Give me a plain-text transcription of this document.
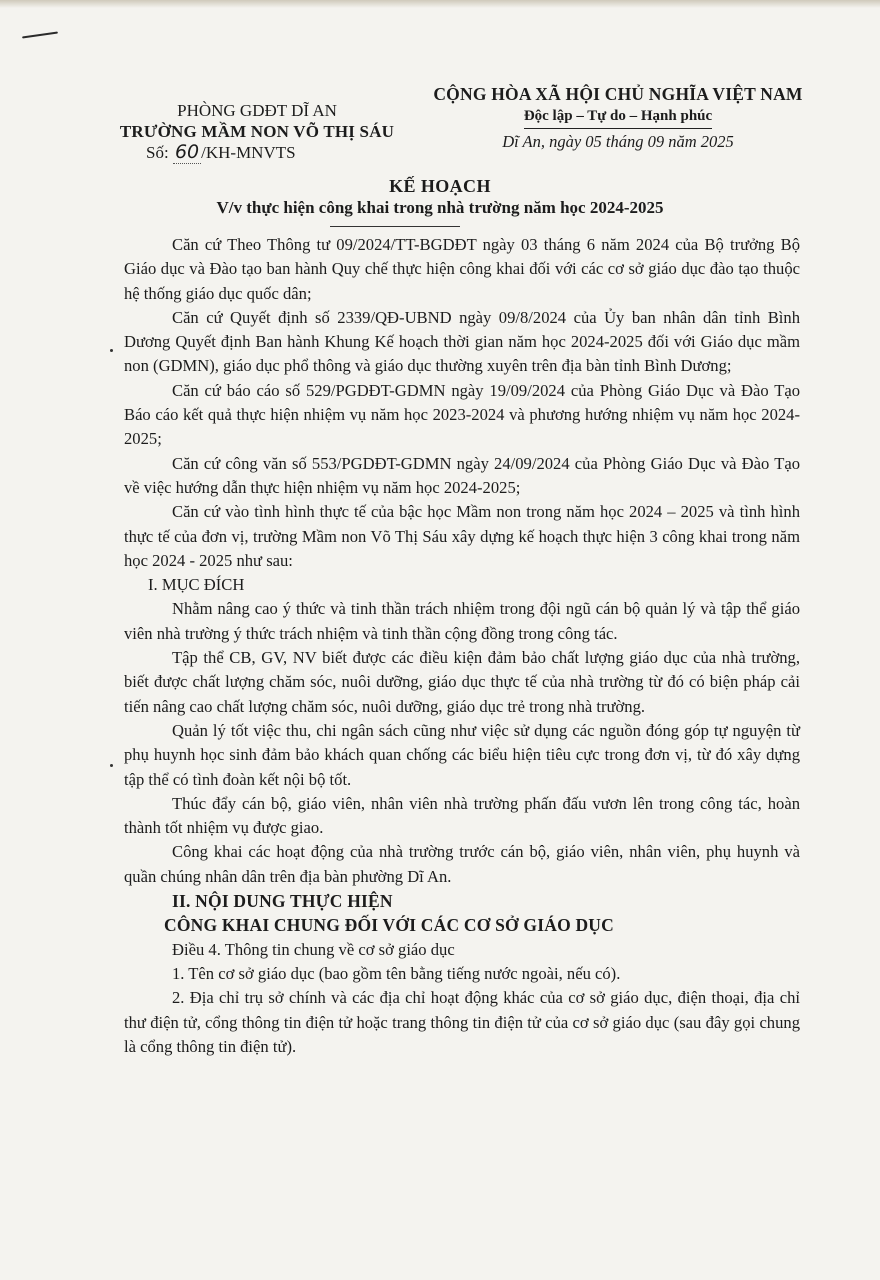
PHÒNG GDĐT DĨ AN
TRƯỜNG MẦM NON VÕ THỊ SÁU
Số: 60 /KH-MNVTS
CỘNG HÒA XÃ HỘI CHỦ NGHĨA VIỆT NAM
Độc lập – Tự do – Hạnh phúc
Dĩ An, ngày 05 tháng 09 năm 2025
KẾ HOẠCH
V/v thực hiện công khai trong nhà trường năm học 2024-2025

Căn cứ Theo Thông tư 09/2024/TT-BGDĐT ngày 03 tháng 6 năm 2024 của Bộ trưởng Bộ Giáo dục và Đào tạo ban hành Quy chế thực hiện công khai đối với các cơ sở giáo dục đào tạo thuộc hệ thống giáo dục quốc dân;

Căn cứ Quyết định số 2339/QĐ-UBND ngày 09/8/2024 của Ủy ban nhân dân tỉnh Bình Dương Quyết định Ban hành Khung Kế hoạch thời gian năm học 2024-2025 đối với Giáo dục mầm non (GDMN), giáo dục phổ thông và giáo dục thường xuyên trên địa bàn tỉnh Bình Dương;

Căn cứ báo cáo số 529/PGDĐT-GDMN ngày 19/09/2024 của Phòng Giáo Dục và Đào Tạo Báo cáo kết quả thực hiện nhiệm vụ năm học 2023-2024 và phương hướng nhiệm vụ năm học 2024-2025;

Căn cứ công văn số 553/PGDĐT-GDMN ngày 24/09/2024 của Phòng Giáo Dục và Đào Tạo về việc hướng dẫn thực hiện nhiệm vụ năm học 2024-2025;

Căn cứ vào tình hình thực tế của bậc học Mầm non trong năm học 2024 – 2025 và tình hình thực tế của đơn vị, trường Mầm non Võ Thị Sáu xây dựng kế hoạch thực hiện 3 công khai trong năm học 2024 - 2025 như sau:

I. MỤC ĐÍCH

Nhằm nâng cao ý thức và tinh thần trách nhiệm trong đội ngũ cán bộ quản lý và tập thể giáo viên nhà trường ý thức trách nhiệm và tinh thần cộng đồng trong công tác.

Tập thể CB, GV, NV biết được các điều kiện đảm bảo chất lượng giáo dục của nhà trường, biết được chất lượng chăm sóc, nuôi dưỡng, giáo dục thực tế của nhà trường từ đó có biện pháp cải tiến nâng cao chất lượng chăm sóc, nuôi dưỡng, giáo dục trẻ trong nhà trường.

Quản lý tốt việc thu, chi ngân sách cũng như việc sử dụng các nguồn đóng góp tự nguyện từ phụ huynh học sinh đảm bảo khách quan chống các biểu hiện tiêu cực trong đơn vị, từ đó xây dựng tập thể có tình đoàn kết nội bộ tốt.

Thúc đẩy cán bộ, giáo viên, nhân viên nhà trường phấn đấu vươn lên trong công tác, hoàn thành tốt nhiệm vụ được giao.

Công khai các hoạt động của nhà trường trước cán bộ, giáo viên, nhân viên, phụ huynh và quần chúng nhân dân trên địa bàn phường Dĩ An.

II. NỘI DUNG THỰC HIỆN
CÔNG KHAI CHUNG ĐỐI VỚI CÁC CƠ SỞ GIÁO DỤC

Điều 4. Thông tin chung về cơ sở giáo dục

1. Tên cơ sở giáo dục (bao gồm tên bằng tiếng nước ngoài, nếu có).

2. Địa chỉ trụ sở chính và các địa chỉ hoạt động khác của cơ sở giáo dục, điện thoại, địa chỉ thư điện tử, cổng thông tin điện tử hoặc trang thông tin điện tử của cơ sở giáo dục (sau đây gọi chung là cổng thông tin điện tử).
